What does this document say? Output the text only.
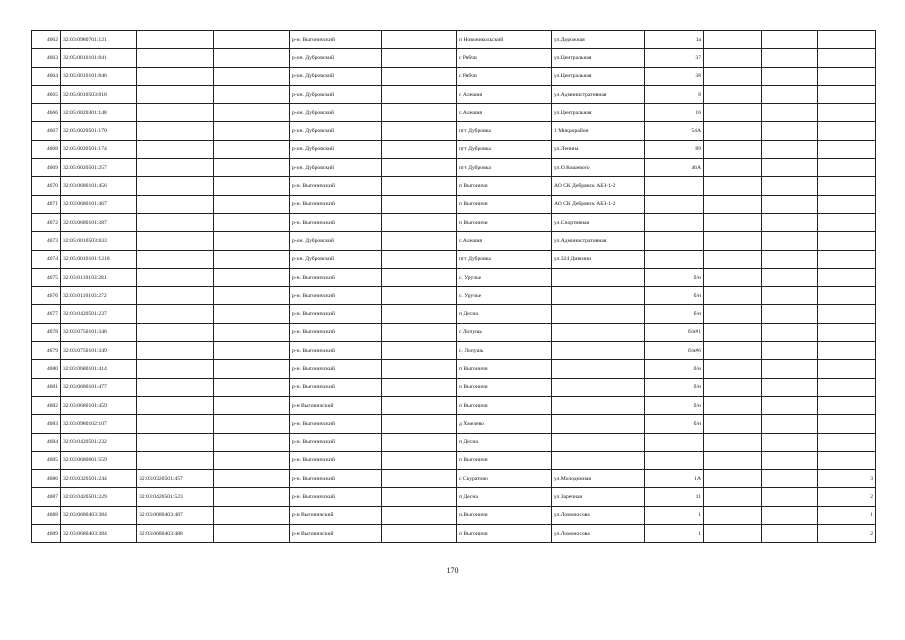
4662	32:03:0980701:121			р-н. Выгоничский		п Новоникольский	ул.Дорожная	1а			
4663	32:05:0010101:841			р-он. Дубровский		с Рябчи	ул.Центральная	37			
4664	32:05:0010101:846			р-он. Дубровский		с Рябчи	ул.Центральная	38			
4665	32:05:0010503:818			р-он. Дубровский		с Алешня	ул.Административная	8			
4666	32:05:0020301:148			р-он. Дубровский		с.Алешня	ул.Центральная	16			
4667	32:05:0020501:170			р-он. Дубровский		пгт Дубровка	1 Микрорайон	54А			
4668	32:05:0020501:174			р-он. Дубровский		пгт Дубровка	ул.Ленина	89			
4669	32:05:0020501:257			р-он. Дубровский		пгт Дубровка	ул.О.Кошевого	46А			
4670	32:03:0680101:456			р-н. Выгоничский		п Выгоничи	АО СК Дебрянск АБЗ-1-2				
4671	32:03:0680101:467			р-н. Выгоничский		п Выгоничи	АО СК Дебрянск АБЗ-1-2				
4672	32:03:0680101:387			р-н. Выгоничский		п Выгоничи	ул.Спортивная				
4673	32:05:0010503:833			р-он. Дубровский		с.Алешня	ул.Административная				
4674	32:05:0010101:1218			р-он. Дубровский		пгт Дубровка	ул.324 Дивизии				
4675	32:03:0110103:281			р-н. Выгоничский		с. Уручье		б/н			
4676	32:03:0110103:272			р-н. Выгоничский		с. Уручье		б/н			
4677	32:03:0420501:237			р-н. Выгоничский		п Десна		б/н			
4678	32:03:0750101:348			р-н. Выгоничский		с Лопушь		б/н#1			
4679	32:03:0750101:349			р-н. Выгоничский		с. Лопушь		б/н#6			
4680	32:03:0680101:414			р-н. Выгоничский		п Выгоничи		б/н			
4681	32:03:0680101:477			р-н. Выгоничский		п Выгоничи		б/н			
4682	32:03:0680101:459			р-н Выгоничский		п Выгоничи		б/н			
4683	32:03:0980102:107			р-н. Выгоничский		д Хмелево		б/н			
4684	32:03:0420501:232			р-н. Выгоничский		п Десна					
4685	32:03:0680601:559			р-н. Выгоничский		п Выгоничи					
4686	32:03:0320501:244	32:03:0320501:457		р-н. Выгоничский		с Скуратово	ул.Молодежная	1А			3
4687	32:03:0420501:229	32:03:0420501:523		р-н. Выгоничский		п Десна	ул Заречная	11			2
4688	32:03:0680403:384	32:03:0680403:487		р-н Выгоничский		п.Выгоничи	ул.Ломоносова	1			1
4689	32:03:0680403:384	32:03:0680403:488		р-н Выгоничский		п Выгоничи	ул.Ломоносова	1			2
170
